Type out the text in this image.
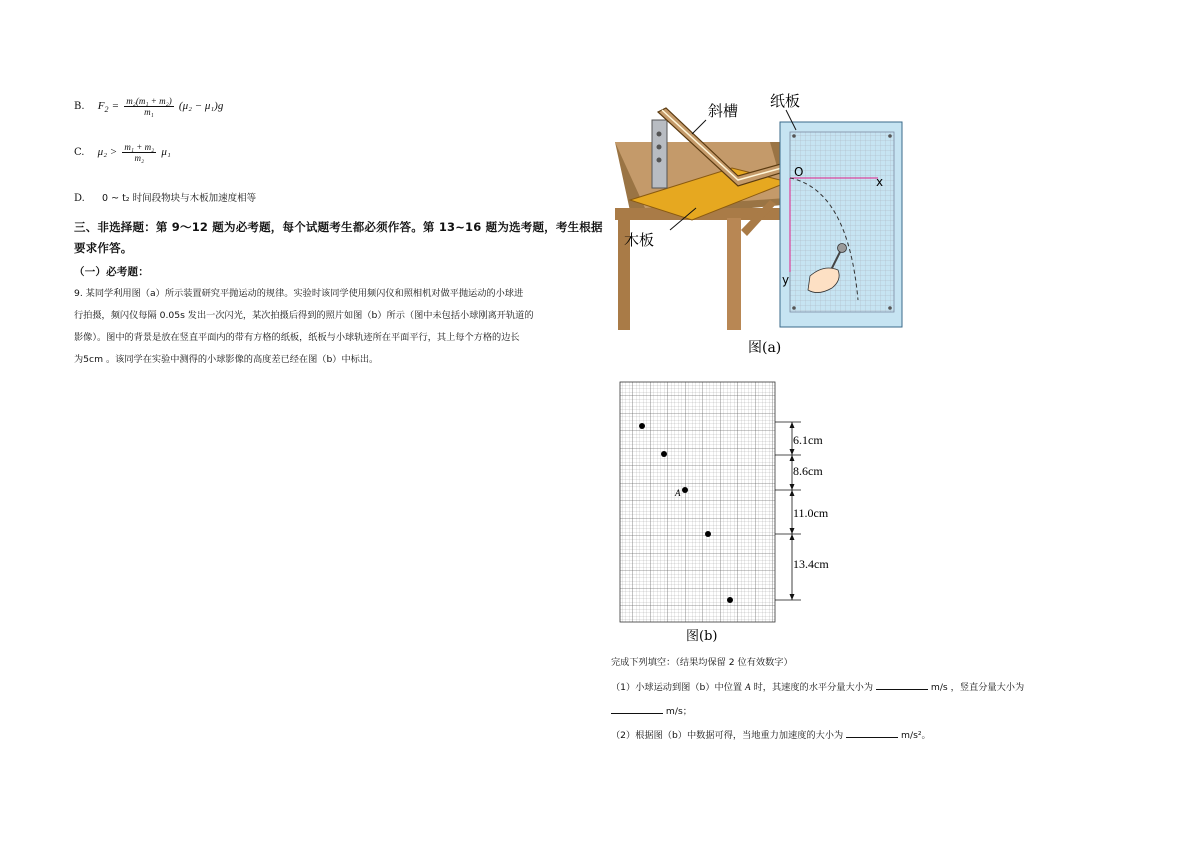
B. $F_2 = \frac{\text{m₂(m₁ + m₂)}}{\text{m₁}} (\mu_2 - \mu_1)g$
C. $\mu_2 > \frac{\text{m₁ + m₂}}{\text{m₂}} \mu_1$
D. 0 ~ t₂ 时间段物块与木板加速度相等
三、非选择题：第 9～12 题为必考题，每个试题考生都必须作答。第 13~16 题为选考题，考生根据
要求作答。
（一）必考题：
9. 某同学利用图（a）所示装置研究平抛运动的规律。实验时该同学使用频闪仪和照相机对做平抛运动的小球进
行拍摄，频闪仪每隔 0.05s 发出一次闪光，某次拍摄后得到的照片如图（b）所示（图中未包括小球刚离开轨道的
影像）。图中的背景是放在竖直平面内的带有方格的纸板，纸板与小球轨迹所在平面平行，其上每个方格的边长
为5cm 。该同学在实验中测得的小球影像的高度差已经在图（b）中标出。
斜槽
纸板
木板
O
x
y
图(a)
A
6.1cm
8.6cm
11.0cm
13.4cm
图(b)
完成下列填空：（结果均保留 2 位有效数字）
（1）小球运动到图（b）中位置 A 时，其速度的水平分量大小为	m/s ，竖直分量大小为
m/s；
（2）根据图（b）中数据可得，当地重力加速度的大小为	m/s²。
